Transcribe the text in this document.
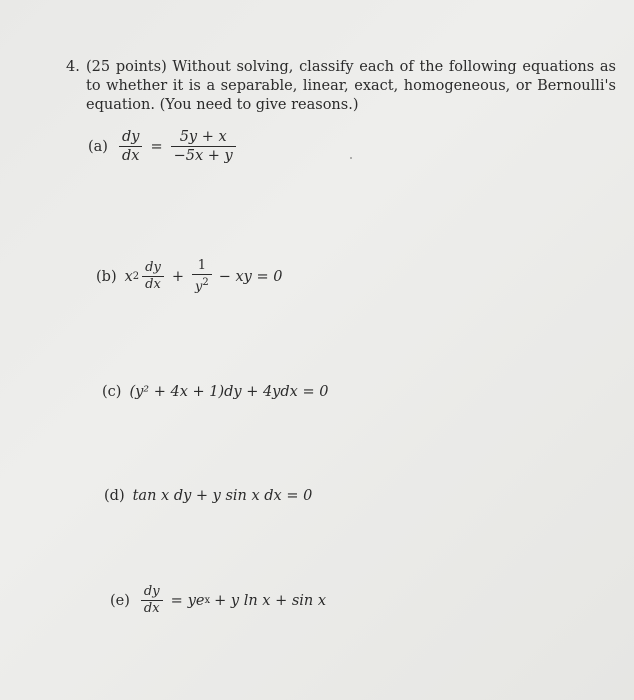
4. (25 points) Without solving, classify each of the following equations as to whether it is a separable, linear, exact, homogeneous, or Bernoulli's equation. (You need to give reasons.)
$(a) \frac{dy}{dx} = \frac{5y + x}{-5x + y}$
(b) x $2 \frac{dy}{dx} + \frac{1}{y^2}$ − xy = 0
(c) (y² + 4x + 1)dy + 4ydx = 0
(d) tan x dy + y sin x dx = 0
$(e) \frac{dy}{dx}$ = ye x + y ln x + sin x
